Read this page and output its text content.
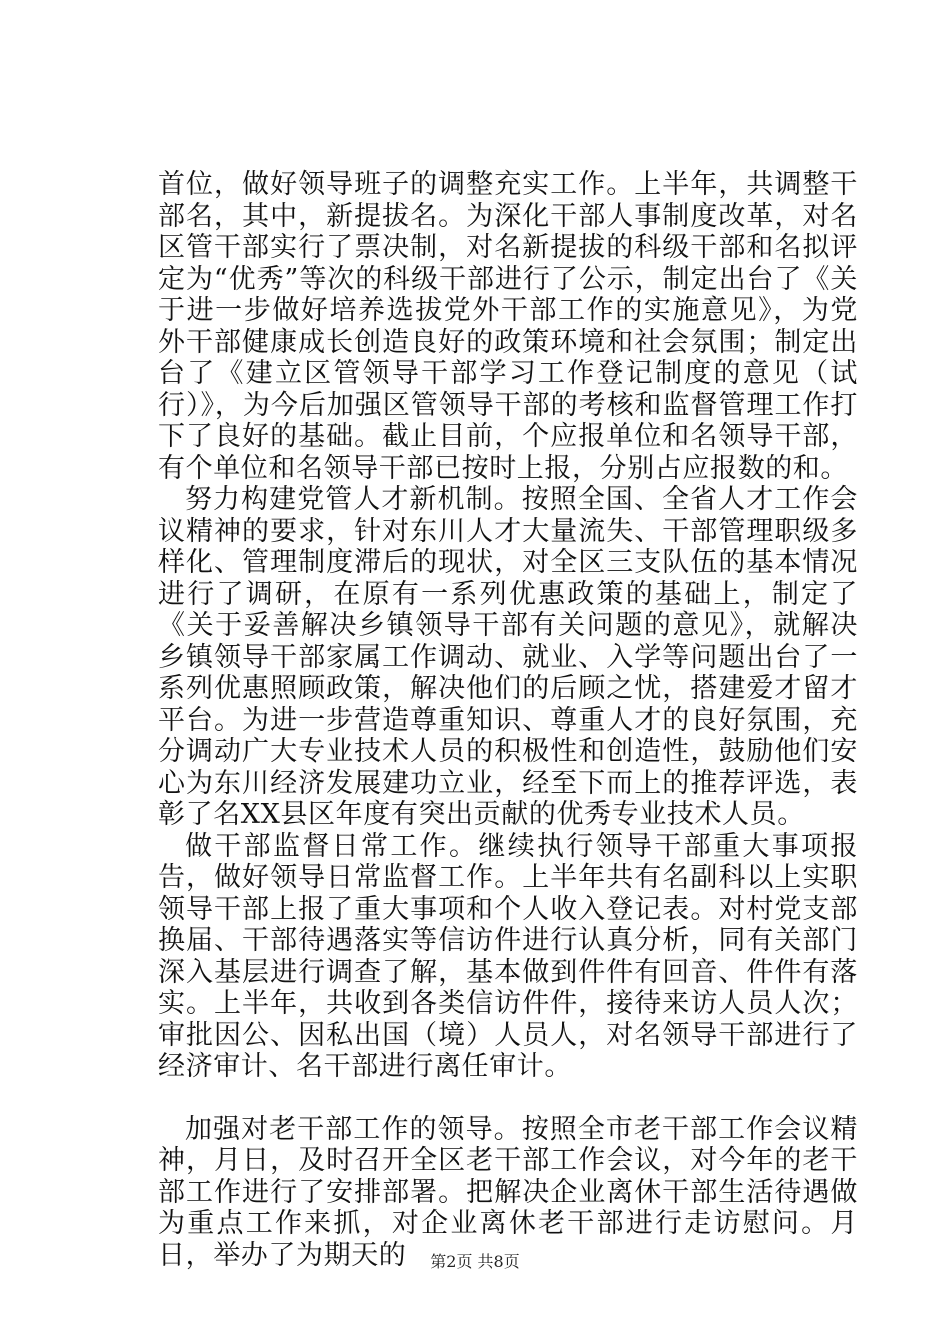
首位，做好领导班子的调整充实工作。上半年，共调整干部名，其中，新提拔名。为深化干部人事制度改革，对名区管干部实行了票决制，对名新提拔的科级干部和名拟评定为“优秀”等次的科级干部进行了公示，制定出台了《关于进一步做好培养选拔党外干部工作的实施意见》，为党外干部健康成长创造良好的政策环境和社会氛围；制定出台了《建立区管领导干部学习工作登记制度的意见（试行）》，为今后加强区管领导干部的考核和监督管理工作打下了良好的基础。截止目前，个应报单位和名领导干部，有个单位和名领导干部已按时上报，分别占应报数的和。

努力构建党管人才新机制。按照全国、全省人才工作会议精神的要求，针对东川人才大量流失、干部管理职级多样化、管理制度滞后的现状，对全区三支队伍的基本情况进行了调研，在原有一系列优惠政策的基础上，制定了《关于妥善解决乡镇领导干部有关问题的意见》，就解决乡镇领导干部家属工作调动、就业、入学等问题出台了一系列优惠照顾政策，解决他们的后顾之忧，搭建爱才留才平台。为进一步营造尊重知识、尊重人才的良好氛围，充分调动广大专业技术人员的积极性和创造性，鼓励他们安心为东川经济发展建功立业，经至下而上的推荐评选，表彰了名XX县区年度有突出贡献的优秀专业技术人员。

做干部监督日常工作。继续执行领导干部重大事项报告，做好领导日常监督工作。上半年共有名副科以上实职领导干部上报了重大事项和个人收入登记表。对村党支部换届、干部待遇落实等信访件进行认真分析，同有关部门深入基层进行调查了解，基本做到件件有回音、件件有落实。上半年，共收到各类信访件件，接待来访人员人次；审批因公、因私出国（境）人员人，对名领导干部进行了经济审计、名干部进行离任审计。

加强对老干部工作的领导。按照全市老干部工作会议精神，月日，及时召开全区老干部工作会议，对今年的老干部工作进行了安排部署。把解决企业离休干部生活待遇做为重点工作来抓，对企业离休老干部进行走访慰问。月日，举办了为期天的	第2页 共8页
